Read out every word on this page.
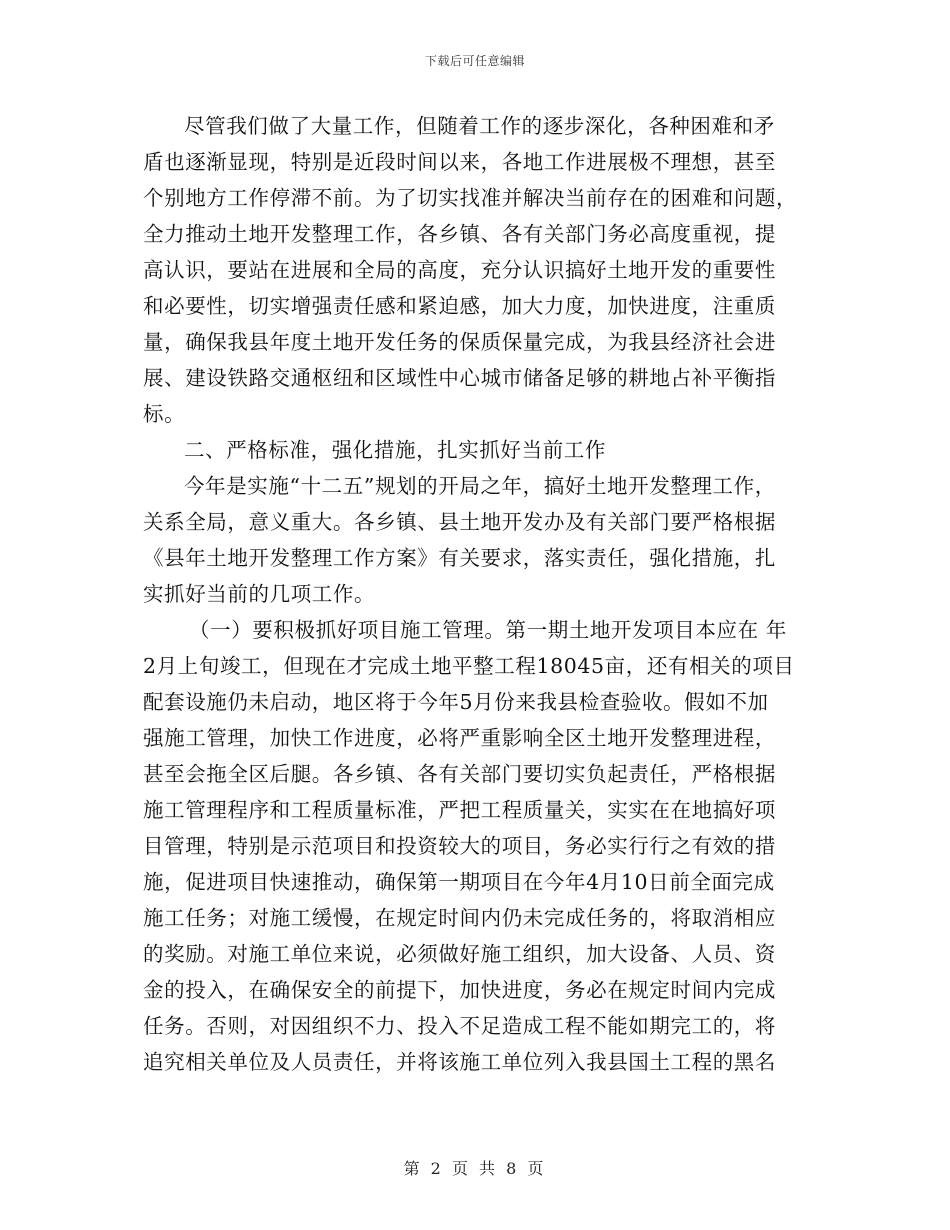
下载后可任意编辑
尽管我们做了大量工作，但随着工作的逐步深化，各种困难和矛
盾也逐渐显现，特别是近段时间以来，各地工作进展极不理想，甚至
个别地方工作停滞不前。为了切实找准并解决当前存在的困难和问题，
全力推动土地开发整理工作，各乡镇、各有关部门务必高度重视，提
高认识，要站在进展和全局的高度，充分认识搞好土地开发的重要性
和必要性，切实增强责任感和紧迫感，加大力度，加快进度，注重质
量，确保我县年度土地开发任务的保质保量完成，为我县经济社会进
展、建设铁路交通枢纽和区域性中心城市储备足够的耕地占补平衡指
标。
二、严格标准，强化措施，扎实抓好当前工作
今年是实施“十二五”规划的开局之年，搞好土地开发整理工作，
关系全局，意义重大。各乡镇、县土地开发办及有关部门要严格根据
《县年土地开发整理工作方案》有关要求，落实责任，强化措施，扎
实抓好当前的几项工作。
（一）要积极抓好项目施工管理。第一期土地开发项目本应在 年
2月上旬竣工，但现在才完成土地平整工程18045亩，还有相关的项目
配套设施仍未启动，地区将于今年5月份来我县检查验收。假如不加
强施工管理，加快工作进度，必将严重影响全区土地开发整理进程，
甚至会拖全区后腿。各乡镇、各有关部门要切实负起责任，严格根据
施工管理程序和工程质量标准，严把工程质量关，实实在在地搞好项
目管理，特别是示范项目和投资较大的项目，务必实行行之有效的措
施，促进项目快速推动，确保第一期项目在今年4月10日前全面完成
施工任务；对施工缓慢，在规定时间内仍未完成任务的，将取消相应
的奖励。对施工单位来说，必须做好施工组织，加大设备、人员、资
金的投入，在确保安全的前提下，加快进度，务必在规定时间内完成
任务。否则，对因组织不力、投入不足造成工程不能如期完工的，将
追究相关单位及人员责任，并将该施工单位列入我县国土工程的黑名
第 2 页 共 8 页
